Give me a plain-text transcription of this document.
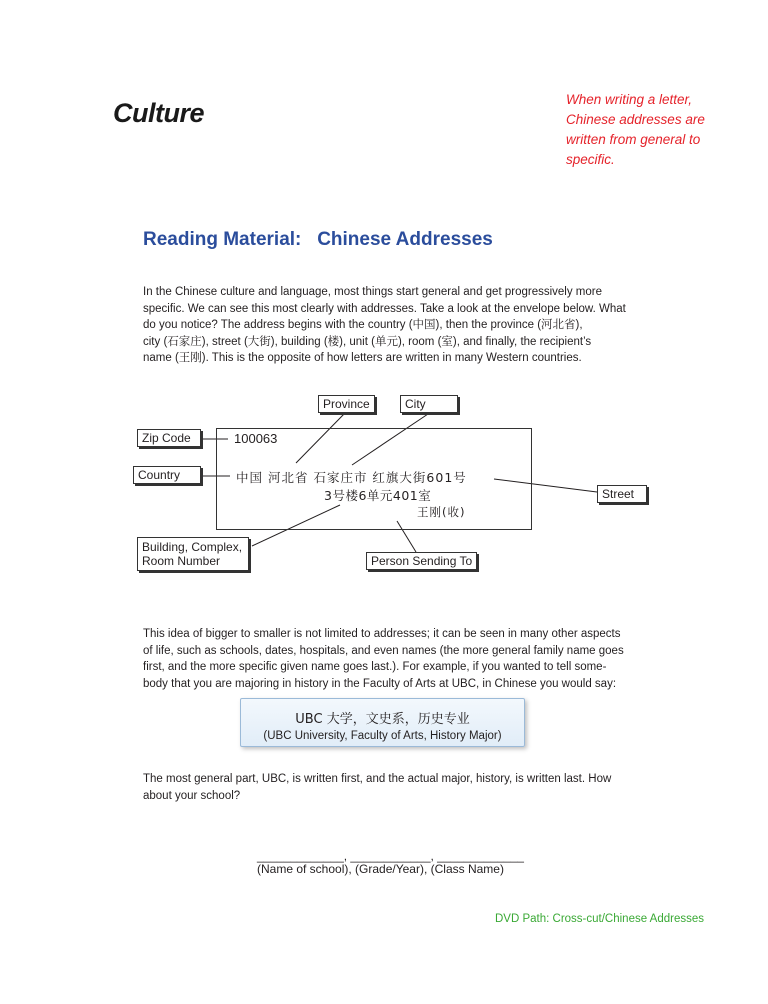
Culture	When writing a letter, Chinese addresses are written from general to specific.
Reading Material:   Chinese Addresses
In the Chinese culture and language, most things start general and get progressively more
specific. We can see this most clearly with addresses. Take a look at the envelope below. What
do you notice? The address begins with the country (中国), then the province (河北省),
city (石家庄), street (大街), building (楼), unit (单元), room (室), and finally, the recipient’s
name (王刚). This is the opposite of how letters are written in many Western countries.
Province	City
Zip Code
Country
Street
Building, Complex,
Room Number	Person Sending To
100063
中国 河北省 石家庄市 红旗大街601号
3号楼6单元401室
王刚(收)
This idea of bigger to smaller is not limited to addresses; it can be seen in many other aspects
of life, such as schools, dates, hospitals, and even names (the more general family name goes
first, and the more specific given name goes last.). For example, if you wanted to tell some-
body that you are majoring in history in the Faculty of Arts at UBC, in Chinese you would say:
UBC 大学，文史系，历史专业
(UBC University, Faculty of Arts, History Major)
The most general part, UBC, is written first, and the actual major, history, is written last. How
about your school?
_____________, ____________, _____________
(Name of school), (Grade/Year), (Class Name)
DVD Path: Cross-cut/Chinese Addresses
